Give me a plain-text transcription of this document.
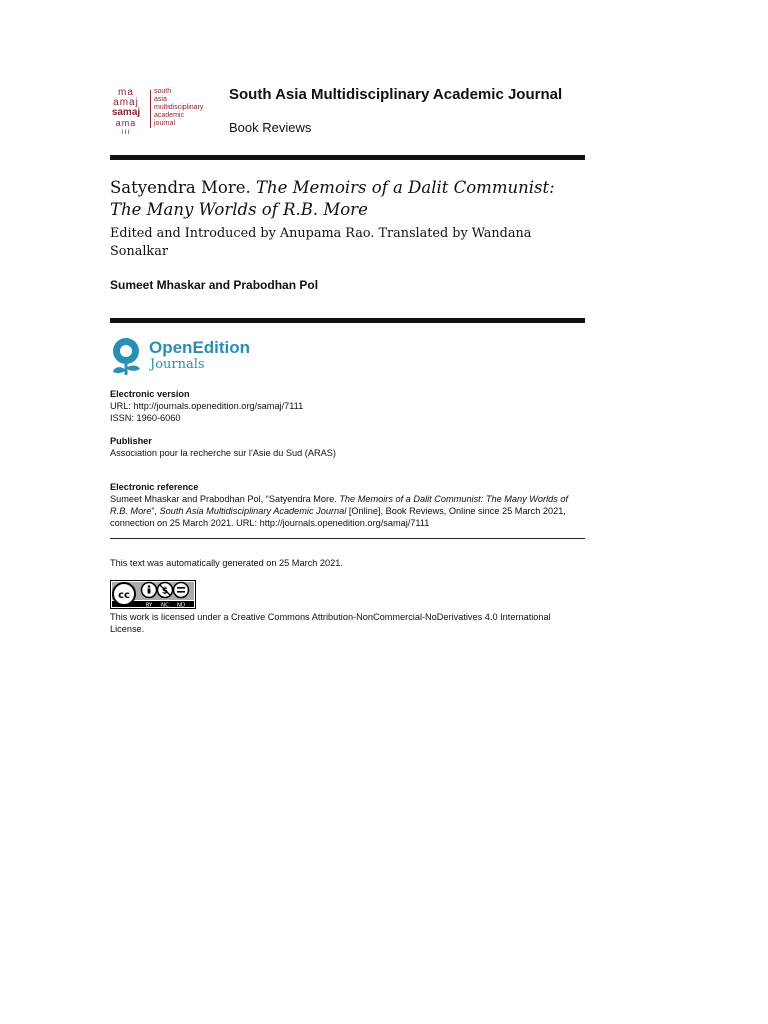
ma
amaj
samaj
ama
ııı
south
asia
multidisciplinary
academic
journal
South Asia Multidisciplinary Academic Journal
Book Reviews
Satyendra More. The Memoirs of a Dalit Communist: The Many Worlds of R.B. More
Edited and Introduced by Anupama Rao. Translated by Wandana Sonalkar
Sumeet Mhaskar and Prabodhan Pol
OpenEdition
Journals
Electronic version
URL: http://journals.openedition.org/samaj/7111
ISSN: 1960-6060
Publisher
Association pour la recherche sur l'Asie du Sud (ARAS)
Electronic reference
Sumeet Mhaskar and Prabodhan Pol, “Satyendra More. The Memoirs of a Dalit Communist: The Many Worlds of R.B. More”, South Asia Multidisciplinary Academic Journal [Online], Book Reviews, Online since 25 March 2021, connection on 25 March 2021. URL: http://journals.openedition.org/samaj/7111
This text was automatically generated on 25 March 2021.
cc	$
BY NC ND
This work is licensed under a Creative Commons Attribution-NonCommercial-NoDerivatives 4.0 International License.
